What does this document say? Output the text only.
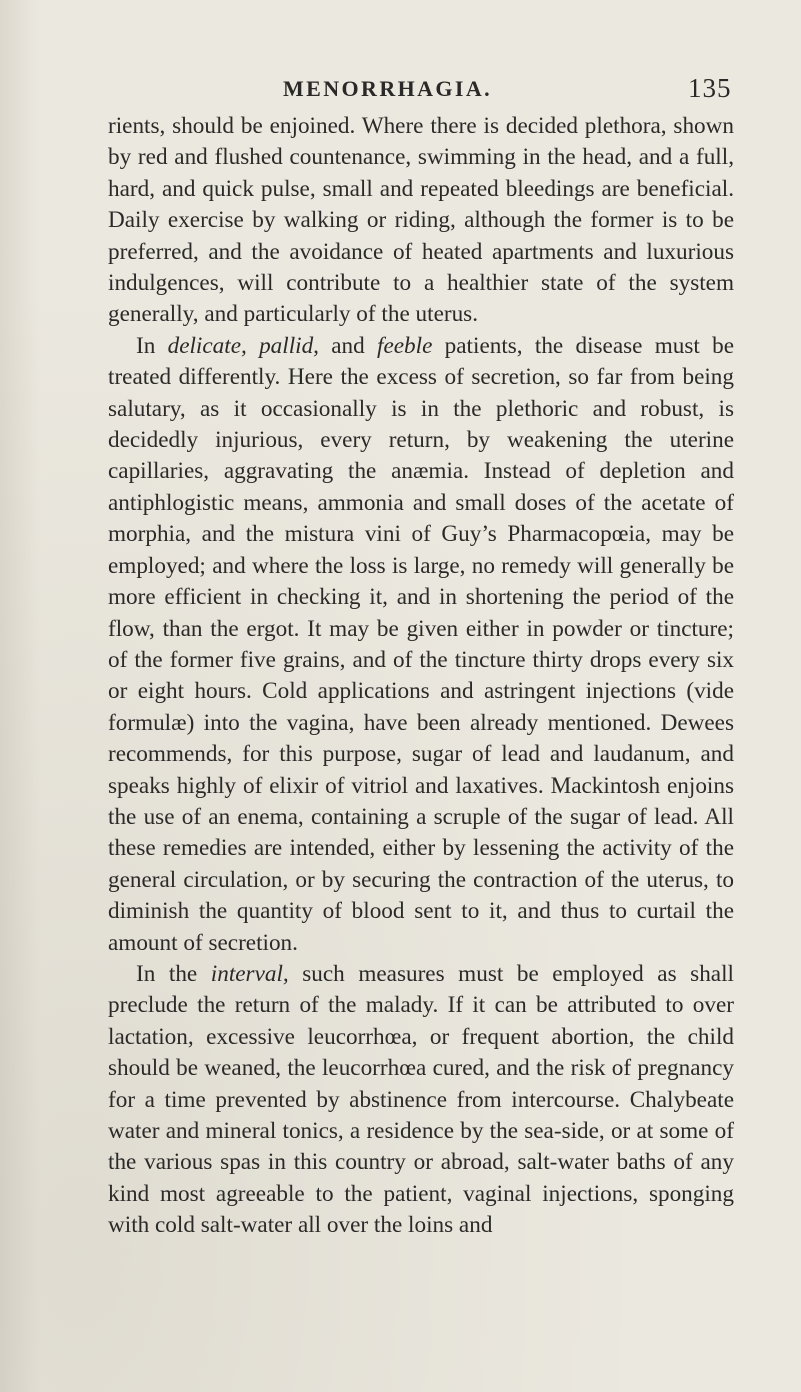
MENORRHAGIA.	135

rients, should be enjoined. Where there is decided plethora, shown by red and flushed countenance, swimming in the head, and a full, hard, and quick pulse, small and repeated bleedings are beneficial. Daily exercise by walking or riding, although the former is to be preferred, and the avoidance of heated apartments and luxurious indulgences, will contribute to a healthier state of the system generally, and particularly of the uterus.

In delicate, pallid, and feeble patients, the disease must be treated differently. Here the excess of secretion, so far from being salutary, as it occasionally is in the plethoric and robust, is decidedly injurious, every return, by weakening the uterine capillaries, aggravating the anæmia. Instead of depletion and antiphlogistic means, ammonia and small doses of the acetate of morphia, and the mistura vini of Guy’s Pharmacopœia, may be employed; and where the loss is large, no remedy will generally be more efficient in checking it, and in shortening the period of the flow, than the ergot. It may be given either in powder or tincture; of the former five grains, and of the tincture thirty drops every six or eight hours. Cold applications and astringent injections (vide formulæ) into the vagina, have been already mentioned. Dewees recommends, for this purpose, sugar of lead and laudanum, and speaks highly of elixir of vitriol and laxatives. Mackintosh enjoins the use of an enema, containing a scruple of the sugar of lead. All these remedies are intended, either by lessening the activity of the general circulation, or by securing the contraction of the uterus, to diminish the quantity of blood sent to it, and thus to curtail the amount of secretion.

In the interval, such measures must be employed as shall preclude the return of the malady. If it can be attributed to over lactation, excessive leucorrhœa, or frequent abortion, the child should be weaned, the leucorrhœa cured, and the risk of pregnancy for a time prevented by abstinence from intercourse. Chalybeate water and mineral tonics, a residence by the sea-side, or at some of the various spas in this country or abroad, salt-water baths of any kind most agreeable to the patient, vaginal injections, sponging with cold salt-water all over the loins and
